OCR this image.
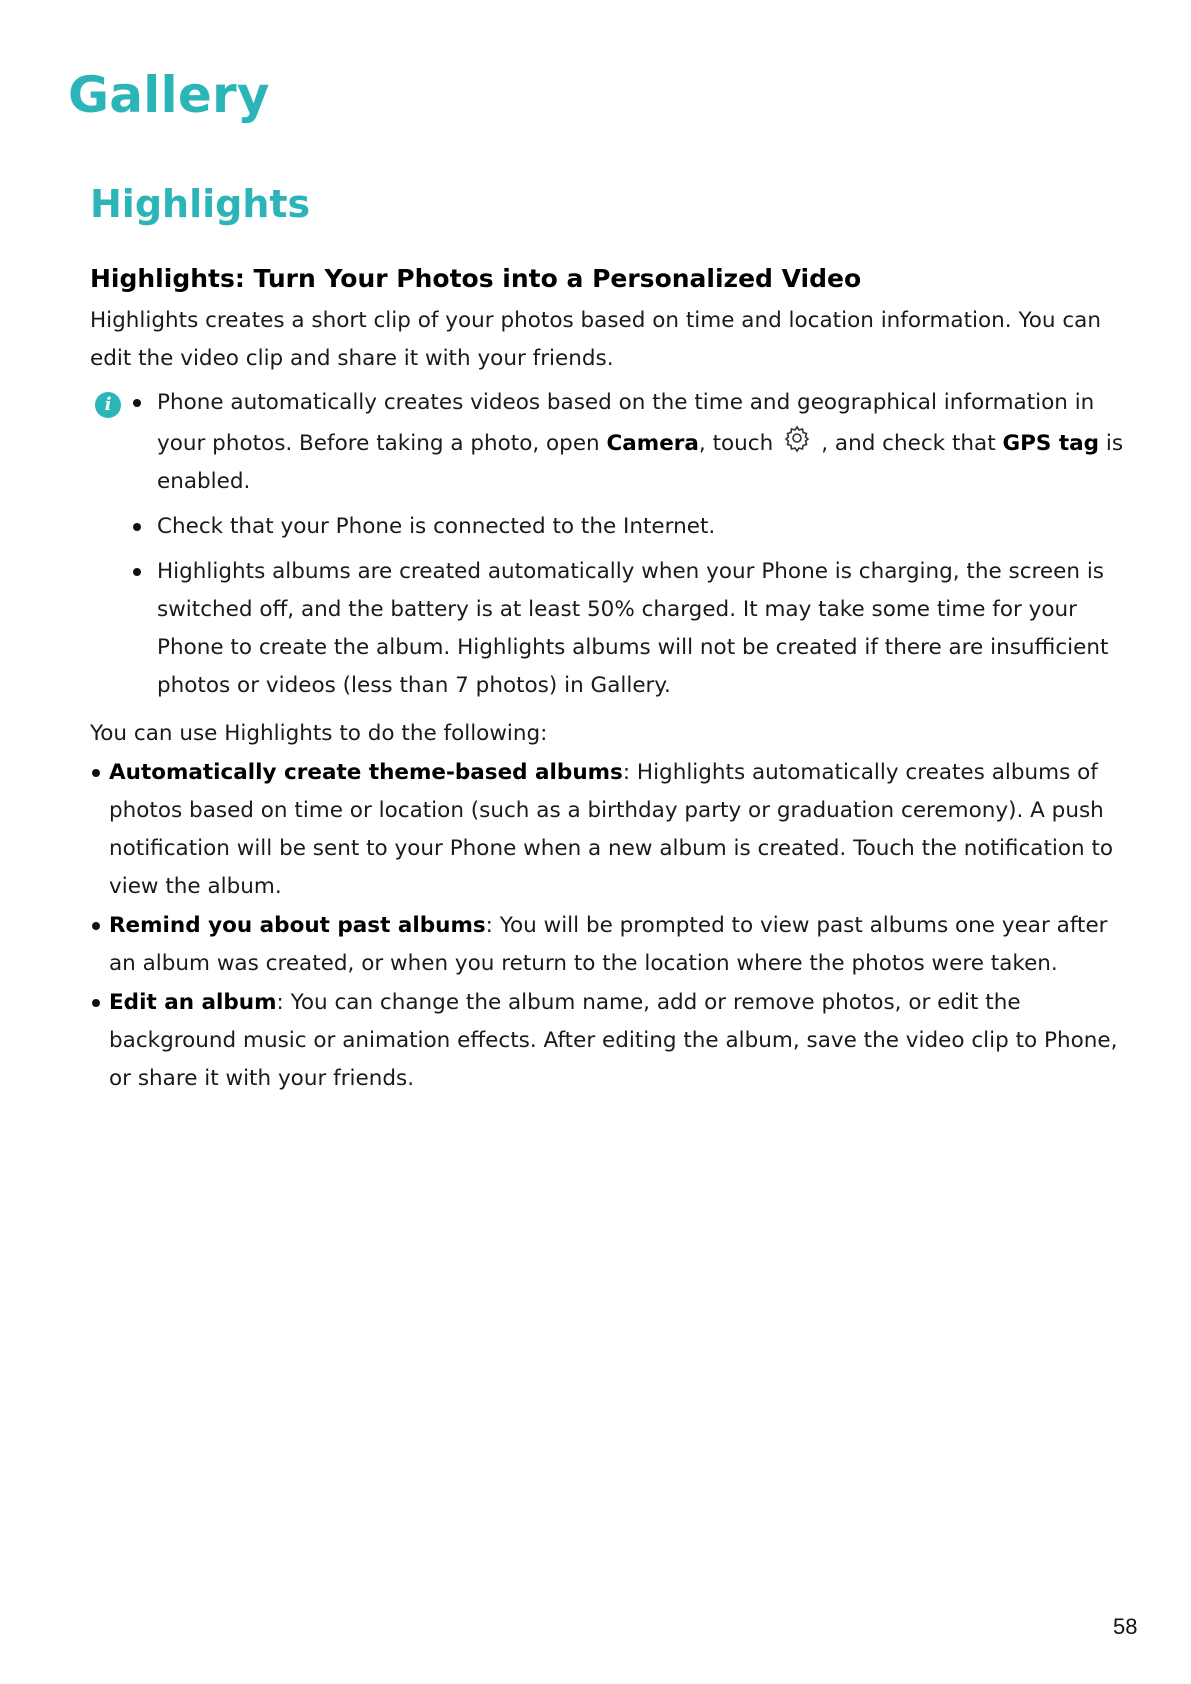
Gallery
Highlights
Highlights: Turn Your Photos into a Personalized Video

Highlights creates a short clip of your photos based on time and location information. You can edit the video clip and share it with your friends.

i	Phone automatically creates videos based on the time and geographical information in your photos. Before taking a photo, open Camera, touch , and check that GPS tag is enabled.
Check that your Phone is connected to the Internet.
Highlights albums are created automatically when your Phone is charging, the screen is switched off, and the battery is at least 50% charged. It may take some time for your Phone to create the album. Highlights albums will not be created if there are insufficient photos or videos (less than 7 photos) in Gallery.

You can use Highlights to do the following:

Automatically create theme-based albums: Highlights automatically creates albums of photos based on time or location (such as a birthday party or graduation ceremony). A push notification will be sent to your Phone when a new album is created. Touch the notification to view the album.
Remind you about past albums: You will be prompted to view past albums one year after an album was created, or when you return to the location where the photos were taken.
Edit an album: You can change the album name, add or remove photos, or edit the background music or animation effects. After editing the album, save the video clip to Phone, or share it with your friends.
58
